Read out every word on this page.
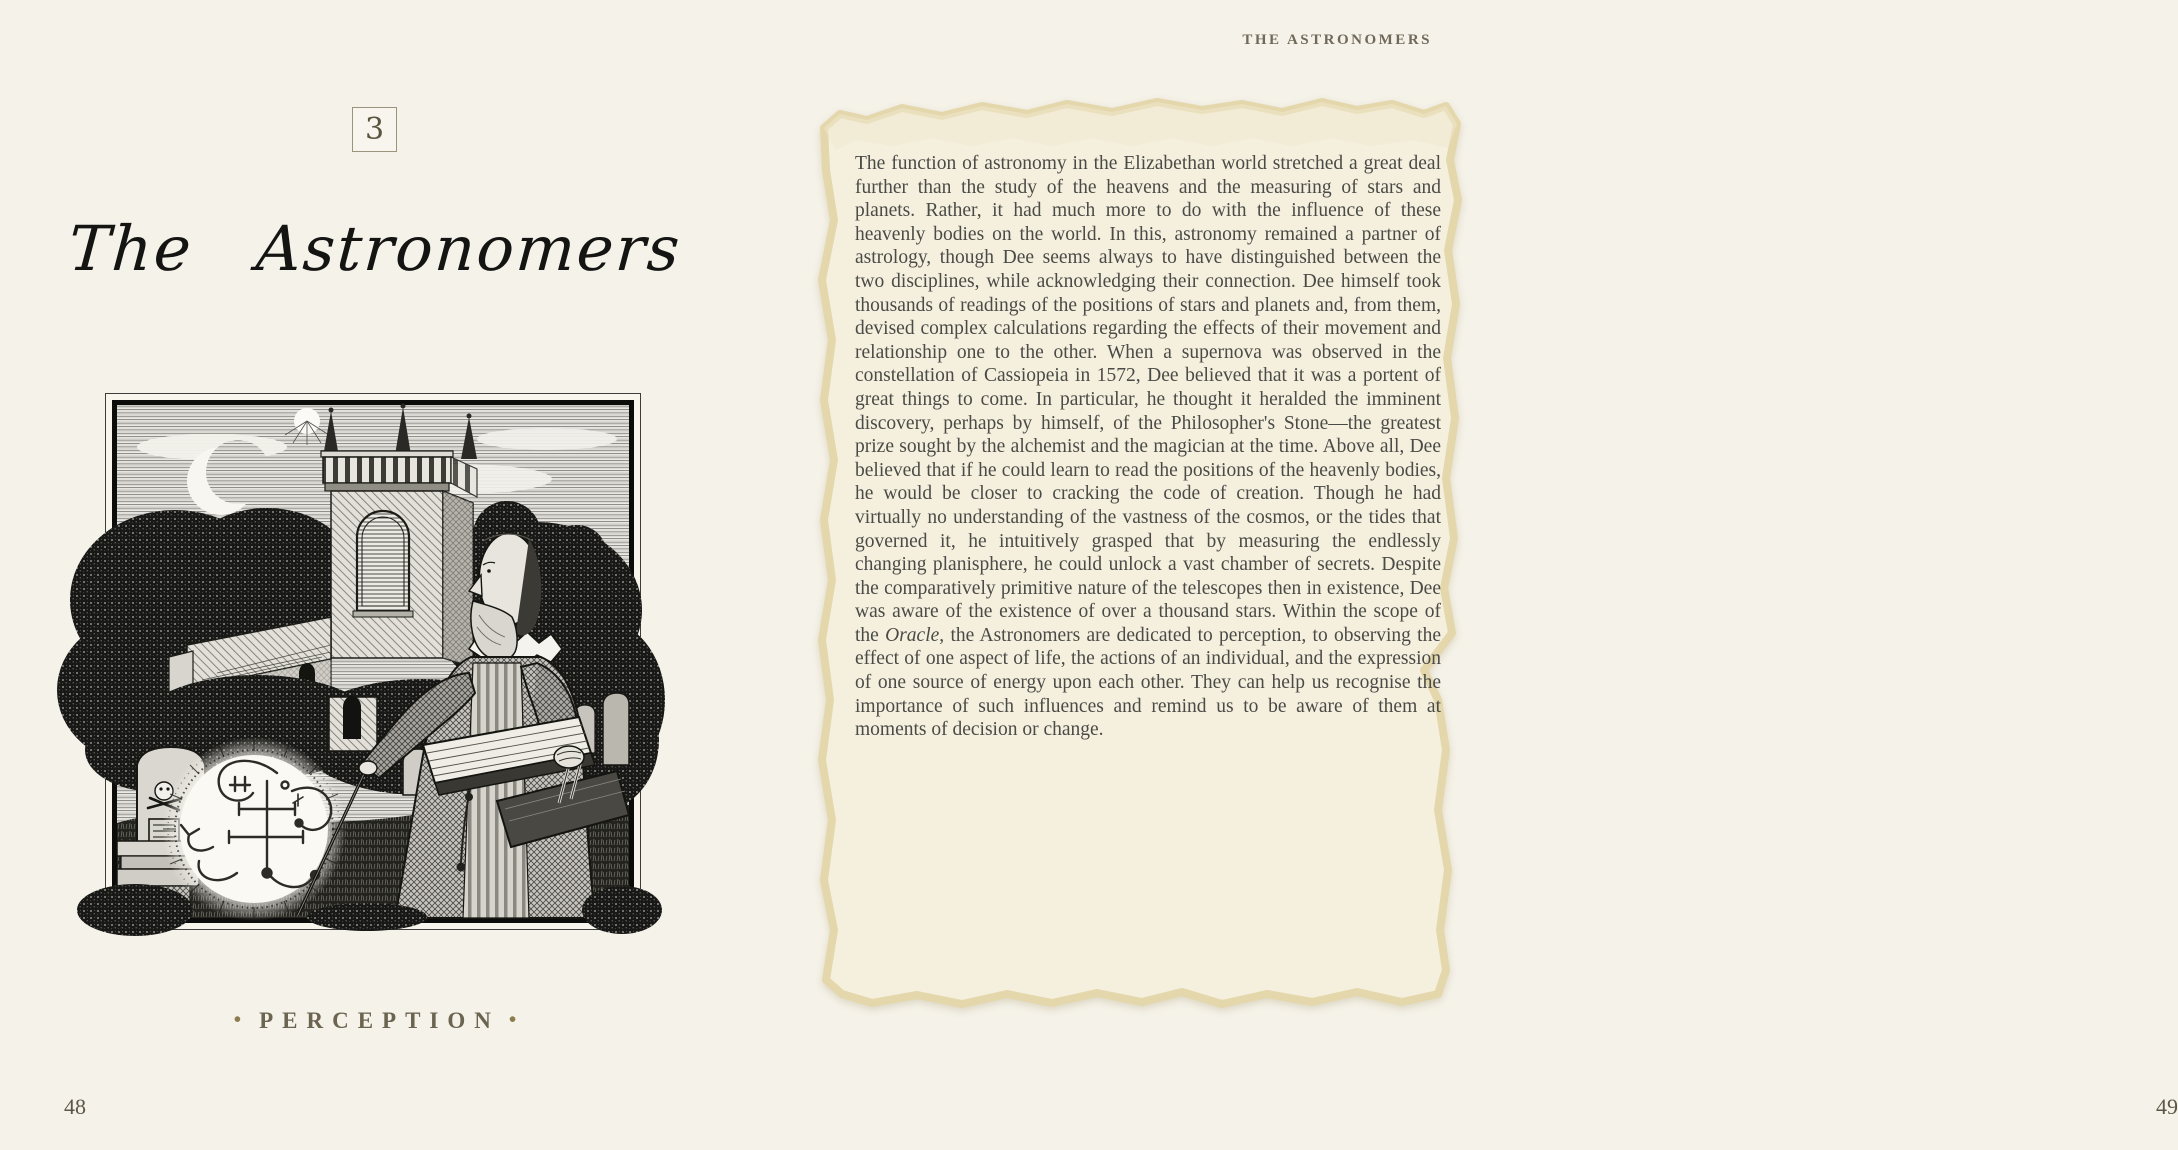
3
The Astronomers
• PERCEPTION •
48
THE ASTRONOMERS
The function of astronomy in the Elizabethan world stretched a great deal further than the study of the heavens and the measuring of stars and planets. Rather, it had much more to do with the influence of these heavenly bodies on the world. In this, astronomy remained a partner of astrology, though Dee seems always to have distinguished between the two disciplines, while acknowledging their connection. Dee himself took thousands of readings of the positions of stars and planets and, from them, devised complex calculations regarding the effects of their movement and relationship one to the other. When a supernova was observed in the constellation of Cassiopeia in 1572, Dee believed that it was a portent of great things to come. In particular, he thought it heralded the imminent discovery, perhaps by himself, of the Philosopher's Stone—the greatest prize sought by the alchemist and the magician at the time. Above all, Dee believed that if he could learn to read the positions of the heavenly bodies, he would be closer to cracking the code of creation. Though he had virtually no understanding of the vastness of the cosmos, or the tides that governed it, he intuitively grasped that by measuring the endlessly changing planisphere, he could unlock a vast chamber of secrets. Despite the comparatively primitive nature of the telescopes then in existence, Dee was aware of the existence of over a thousand stars. Within the scope of the Oracle, the Astronomers are dedicated to perception, to observing the effect of one aspect of life, the actions of an individual, and the expression of one source of energy upon each other. They can help us recognise the importance of such influences and remind us to be aware of them at moments of decision or change.
49
